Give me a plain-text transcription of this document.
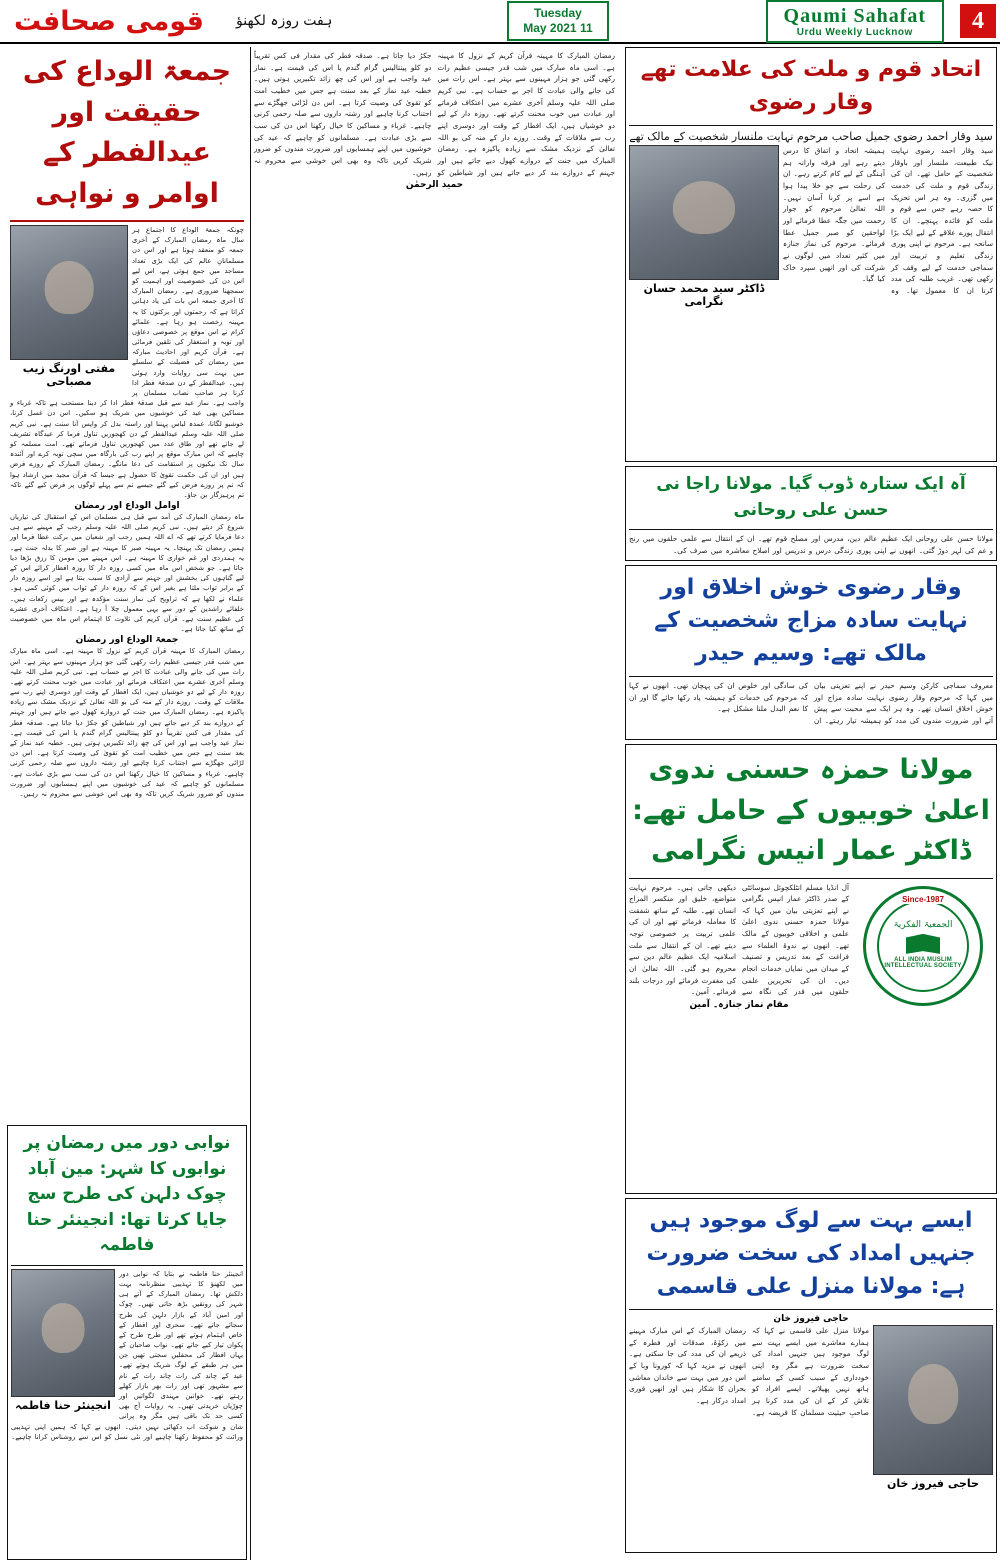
قومی صحافت	ہفت روزہ لکھنؤ	Tuesday
11 May 2021
Qaumi Sahafat
Urdu Weekly Lucknow	4
اتحاد قوم و ملت کی علامت تھے وقار رضوی
سید وقار احمد رضوی جمیل صاحب مرحوم نہایت ملنسار شخصیت کے مالک تھے
ڈاکٹر سید محمد حسان نگرامی
سید وقار احمد رضوی نہایت نیک طبیعت، ملنسار اور باوقار شخصیت کے حامل تھے۔ ان کی زندگی قوم و ملت کی خدمت میں گزری۔ وہ ہر اس تحریک کا حصہ رہے جس سے قوم و ملت کو فائدہ پہنچے۔ ان کا انتقال پورے علاقے کے لیے ایک بڑا سانحہ ہے۔ مرحوم نے اپنی پوری زندگی تعلیم و تربیت اور سماجی خدمت کے لیے وقف کر رکھی تھی۔ غریب طلبہ کی مدد کرنا ان کا معمول تھا۔ وہ ہمیشہ اتحاد و اتفاق کا درس دیتے رہے اور فرقہ وارانہ ہم آہنگی کے لیے کام کرتے رہے۔ ان کی رحلت سے جو خلا پیدا ہوا ہے اسے پر کرنا آسان نہیں۔ اللہ تعالیٰ مرحوم کو جوار رحمت میں جگہ عطا فرمائے اور لواحقین کو صبر جمیل عطا فرمائے۔ مرحوم کی نماز جنازہ میں کثیر تعداد میں لوگوں نے شرکت کی اور انھیں سپرد خاک کیا گیا۔
آہ ایک ستارہ ڈوب گیا۔ مولانا راجا نی حسن علی روحانی
مولانا حسن علی روحانی ایک عظیم عالم دین، مدرس اور مصلح قوم تھے۔ ان کے انتقال سے علمی حلقوں میں رنج و غم کی لہر دوڑ گئی۔ انھوں نے اپنی پوری زندگی درس و تدریس اور اصلاح معاشرہ میں صرف کی۔
وقار رضوی خوش اخلاق اور نہایت سادہ مزاج شخصیت کے مالک تھے: وسیم حیدر
معروف سماجی کارکن وسیم حیدر نے اپنے تعزیتی بیان میں کہا کہ مرحوم وقار رضوی نہایت سادہ مزاج اور خوش اخلاق انسان تھے۔ وہ ہر ایک سے محبت سے پیش آتے اور ضرورت مندوں کی مدد کو ہمیشہ تیار رہتے۔ ان کی سادگی اور خلوص ان کی پہچان تھی۔ انھوں نے کہا کہ مرحوم کی خدمات کو ہمیشہ یاد رکھا جائے گا اور ان کا نعم البدل ملنا مشکل ہے۔
مولانا حمزہ حسنی ندوی اعلیٰ خوبیوں کے حامل تھے: ڈاکٹر عمار انیس نگرامی
Since-1987
الجمعیۃ الفکریۃ
ALL INDIA MUSLIM INTELLECTUAL SOCIETY
آل انڈیا مسلم انٹلکچوئل سوسائٹی کے صدر ڈاکٹر عمار انیس نگرامی نے اپنے تعزیتی بیان میں کہا کہ مولانا حمزہ حسنی ندوی اعلیٰ علمی و اخلاقی خوبیوں کے مالک تھے۔ انھوں نے ندوۃ العلماء سے فراغت کے بعد تدریس و تصنیف کے میدان میں نمایاں خدمات انجام دیں۔ ان کی تحریریں علمی حلقوں میں قدر کی نگاہ سے دیکھی جاتی ہیں۔ مرحوم نہایت متواضع، خلیق اور منکسر المزاج انسان تھے۔ طلبہ کے ساتھ شفقت کا معاملہ فرماتے تھے اور ان کی علمی تربیت پر خصوصی توجہ دیتے تھے۔ ان کے انتقال سے ملت اسلامیہ ایک عظیم عالم دین سے محروم ہو گئی۔ اللہ تعالیٰ ان کی مغفرت فرمائے اور درجات بلند فرمائے۔ آمین۔
مقام نماز جنازہ۔ آمین
ایسے بہت سے لوگ موجود ہیں جنہیں امداد کی سخت ضرورت ہے: مولانا منزل علی قاسمی
حاجی فیروز خان
حاجی فیروز خان
مولانا منزل علی قاسمی نے کہا کہ ہمارے معاشرے میں ایسے بہت سے لوگ موجود ہیں جنہیں امداد کی سخت ضرورت ہے مگر وہ اپنی خودداری کے سبب کسی کے سامنے ہاتھ نہیں پھیلاتے۔ ایسے افراد کو تلاش کر کے ان کی مدد کرنا ہر صاحبِ حیثیت مسلمان کا فریضہ ہے۔ رمضان المبارک کے اس مبارک مہینے میں زکوٰۃ، صدقات اور فطرہ کے ذریعے ان کی مدد کی جا سکتی ہے۔ انھوں نے مزید کہا کہ کورونا وبا کے اس دور میں بہت سے خاندان معاشی بحران کا شکار ہیں اور انھیں فوری امداد درکار ہے۔
رمضان المبارک کا مہینہ قرآن کریم کے نزول کا مہینہ ہے۔ اسی ماہ مبارک میں شب قدر جیسی عظیم رات رکھی گئی جو ہزار مہینوں سے بہتر ہے۔ اس رات میں کی جانے والی عبادت کا اجر بے حساب ہے۔ نبی کریم صلی اللہ علیہ وسلم آخری عشرے میں اعتکاف فرماتے اور عبادت میں خوب محنت کرتے تھے۔ روزہ دار کے لیے دو خوشیاں ہیں، ایک افطار کے وقت اور دوسری اپنے رب سے ملاقات کے وقت۔ روزے دار کے منہ کی بو اللہ تعالیٰ کے نزدیک مشک سے زیادہ پاکیزہ ہے۔ رمضان المبارک میں جنت کے دروازے کھول دیے جاتے ہیں اور جہنم کے دروازے بند کر دیے جاتے ہیں اور شیاطین کو جکڑ دیا جاتا ہے۔ صدقہ فطر کی مقدار فی کس تقریباً دو کلو پینتالیس گرام گندم یا اس کی قیمت ہے۔ نماز عید واجب ہے اور اس کی چھ زائد تکبیریں ہوتی ہیں۔ خطبہ عید نماز کے بعد سنت ہے جس میں خطیب امت کو تقویٰ کی وصیت کرتا ہے۔ اس دن لڑائی جھگڑے سے اجتناب کرنا چاہیے اور رشتہ داروں سے صلہ رحمی کرنی چاہیے۔ غرباء و مساکین کا خیال رکھنا اس دن کی سب سے بڑی عبادت ہے۔ مسلمانوں کو چاہیے کہ عید کی خوشیوں میں اپنے ہمسایوں اور ضرورت مندوں کو ضرور شریک کریں تاکہ وہ بھی اس خوشی سے محروم نہ رہیں۔
حمید الرحمٰن
جمعۃ الوداع کی حقیقت اور عیدالفطر کے اوامر و نواہی
مفتی اورنگ زیب مصباحی
چونکہ جمعۃ الوداع کا اجتماع ہر سال ماہ رمضان المبارک کے آخری جمعہ کو منعقد ہوتا ہے اور اس دن مسلمانانِ عالم کی ایک بڑی تعداد مساجد میں جمع ہوتی ہے، اس لیے اس دن کی خصوصیت اور اہمیت کو سمجھنا ضروری ہے۔ رمضان المبارک کا آخری جمعہ اس بات کی یاد دہانی کراتا ہے کہ رحمتوں اور برکتوں کا یہ مہینہ رخصت ہو رہا ہے۔ علمائے کرام نے اس موقع پر خصوصی دعاؤں اور توبہ و استغفار کی تلقین فرمائی ہے۔ قرآن کریم اور احادیث مبارکہ میں رمضان کی فضیلت کے سلسلے میں بہت سی روایات وارد ہوئی ہیں۔ عیدالفطر کے دن صدقۂ فطر ادا کرنا ہر صاحبِ نصاب مسلمان پر واجب ہے۔ نماز عید سے قبل صدقۂ فطر ادا کر دینا مستحب ہے تاکہ غرباء و مساکین بھی عید کی خوشیوں میں شریک ہو سکیں۔ اس دن غسل کرنا، خوشبو لگانا، عمدہ لباس پہننا اور راستہ بدل کر واپس آنا سنت ہے۔ نبی کریم صلی اللہ علیہ وسلم عیدالفطر کے دن کھجوریں تناول فرما کر عیدگاہ تشریف لے جاتے تھے اور طاق عدد میں کھجوریں تناول فرماتے تھے۔ امت مسلمہ کو چاہیے کہ اس مبارک موقع پر اپنے رب کی بارگاہ میں سچی توبہ کرے اور آئندہ سال تک نیکیوں پر استقامت کی دعا مانگے۔ رمضان المبارک کے روزے فرض ہیں اور ان کی حکمت تقویٰ کا حصول ہے جیسا کہ قرآن مجید میں ارشاد ہوا کہ تم پر روزے فرض کیے گئے جیسے تم سے پہلے لوگوں پر فرض کیے گئے تاکہ تم پرہیزگار بن جاؤ۔
اوامل الوداع اور رمضان
ماہ رمضان المبارک کی آمد سے قبل ہی مسلمان اس کے استقبال کی تیاریاں شروع کر دیتے ہیں۔ نبی کریم صلی اللہ علیہ وسلم رجب کے مہینے سے ہی دعا فرمایا کرتے تھے کہ اے اللہ ہمیں رجب اور شعبان میں برکت عطا فرما اور ہمیں رمضان تک پہنچا۔ یہ مہینہ صبر کا مہینہ ہے اور صبر کا بدلہ جنت ہے۔ یہ ہمدردی اور غم خواری کا مہینہ ہے۔ اس مہینے میں مومن کا رزق بڑھا دیا جاتا ہے۔ جو شخص اس ماہ میں کسی روزہ دار کا روزہ افطار کرائے اس کے لیے گناہوں کی بخشش اور جہنم سے آزادی کا سبب بنتا ہے اور اسے روزہ دار کے برابر ثواب ملتا ہے بغیر اس کے کہ روزہ دار کے ثواب میں کوئی کمی ہو۔ علماء نے لکھا ہے کہ تراویح کی نماز سنت مؤکدہ ہے اور بیس رکعات ہیں۔ خلفائے راشدین کے دور سے یہی معمول چلا آ رہا ہے۔ اعتکاف آخری عشرے کی عظیم سنت ہے۔ قرآن کریم کی تلاوت کا اہتمام اس ماہ میں خصوصیت کے ساتھ کیا جاتا ہے۔
جمعۃ الوداع اور رمضان
رمضان المبارک کا مہینہ قرآن کریم کے نزول کا مہینہ ہے۔ اسی ماہ مبارک میں شب قدر جیسی عظیم رات رکھی گئی جو ہزار مہینوں سے بہتر ہے۔ اس رات میں کی جانے والی عبادت کا اجر بے حساب ہے۔ نبی کریم صلی اللہ علیہ وسلم آخری عشرے میں اعتکاف فرماتے اور عبادت میں خوب محنت کرتے تھے۔ روزہ دار کے لیے دو خوشیاں ہیں، ایک افطار کے وقت اور دوسری اپنے رب سے ملاقات کے وقت۔ روزے دار کے منہ کی بو اللہ تعالیٰ کے نزدیک مشک سے زیادہ پاکیزہ ہے۔ رمضان المبارک میں جنت کے دروازے کھول دیے جاتے ہیں اور جہنم کے دروازے بند کر دیے جاتے ہیں اور شیاطین کو جکڑ دیا جاتا ہے۔ صدقہ فطر کی مقدار فی کس تقریباً دو کلو پینتالیس گرام گندم یا اس کی قیمت ہے۔ نماز عید واجب ہے اور اس کی چھ زائد تکبیریں ہوتی ہیں۔ خطبہ عید نماز کے بعد سنت ہے جس میں خطیب امت کو تقویٰ کی وصیت کرتا ہے۔ اس دن لڑائی جھگڑے سے اجتناب کرنا چاہیے اور رشتہ داروں سے صلہ رحمی کرنی چاہیے۔ غرباء و مساکین کا خیال رکھنا اس دن کی سب سے بڑی عبادت ہے۔ مسلمانوں کو چاہیے کہ عید کی خوشیوں میں اپنے ہمسایوں اور ضرورت مندوں کو ضرور شریک کریں تاکہ وہ بھی اس خوشی سے محروم نہ رہیں۔
نوابی دور میں رمضان پر نوابوں کا شہر: مین آباد چوک دلہن کی طرح سج جایا کرتا تھا: انجینئر حنا فاطمہ
انجینئر حنا فاطمہ
انجینئر حنا فاطمہ نے بتایا کہ نوابی دور میں لکھنؤ کا تہذیبی منظرنامہ بہت دلکش تھا۔ رمضان المبارک کے آتے ہی شہر کی رونقیں بڑھ جاتی تھیں۔ چوک اور امین آباد کے بازار دلہن کی طرح سجائے جاتے تھے۔ سحری اور افطار کے خاص اہتمام ہوتے تھے اور طرح طرح کے پکوان تیار کیے جاتے تھے۔ نواب صاحبان کے یہاں افطار کی محفلیں سجتی تھیں جن میں ہر طبقے کے لوگ شریک ہوتے تھے۔ عید کے چاند کی رات چاند رات کے نام سے مشہور تھی اور رات بھر بازار کھلے رہتے تھے۔ خواتین مہندی لگواتیں اور چوڑیاں خریدتی تھیں۔ یہ روایات آج بھی کسی حد تک باقی ہیں مگر وہ پرانی شان و شوکت اب دکھائی نہیں دیتی۔ انھوں نے کہا کہ ہمیں اپنی تہذیبی وراثت کو محفوظ رکھنا چاہیے اور نئی نسل کو اس سے روشناس کرانا چاہیے۔
